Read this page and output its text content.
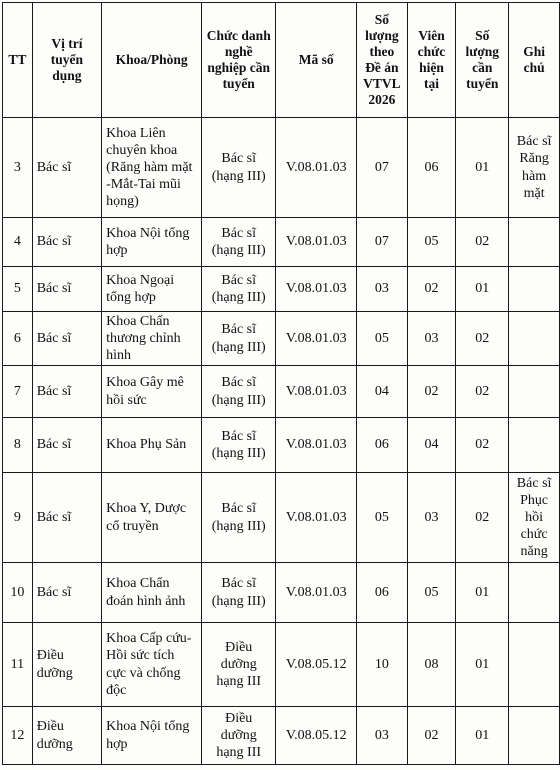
TT	Vị trí tuyển dụng	Khoa/Phòng	Chức danh nghề nghiệp cần tuyển	Mã số	Số lượng theo Đề án VTVL 2026	Viên chức hiện tại	Số lượng cần tuyển	Ghi chú
3	Bác sĩ	Khoa Liên chuyên khoa (Răng hàm mặt -Mắt-Tai mũi họng)	Bác sĩ (hạng III)	V.08.01.03	07	06	01	Bác sĩ Răng hàm mặt
4	Bác sĩ	Khoa Nội tổng hợp	Bác sĩ (hạng III)	V.08.01.03	07	05	02	
5	Bác sĩ	Khoa Ngoại tổng hợp	Bác sĩ (hạng III)	V.08.01.03	03	02	01	
6	Bác sĩ	Khoa Chấn thương chỉnh hình	Bác sĩ (hạng III)	V.08.01.03	05	03	02	
7	Bác sĩ	Khoa Gây mê hồi sức	Bác sĩ (hạng III)	V.08.01.03	04	02	02	
8	Bác sĩ	Khoa Phụ Sản	Bác sĩ (hạng III)	V.08.01.03	06	04	02	
9	Bác sĩ	Khoa Y, Dược cổ truyền	Bác sĩ (hạng III)	V.08.01.03	05	03	02	Bác sĩ Phục hồi chức năng
10	Bác sĩ	Khoa Chẩn đoán hình ảnh	Bác sĩ (hạng III)	V.08.01.03	06	05	01	
11	Điều dưỡng	Khoa Cấp cứu-Hồi sức tích cực và chống độc	Điều dưỡng hạng III	V.08.05.12	10	08	01	
12	Điều dưỡng	Khoa Nội tổng hợp	Điều dưỡng hạng III	V.08.05.12	03	02	01	
